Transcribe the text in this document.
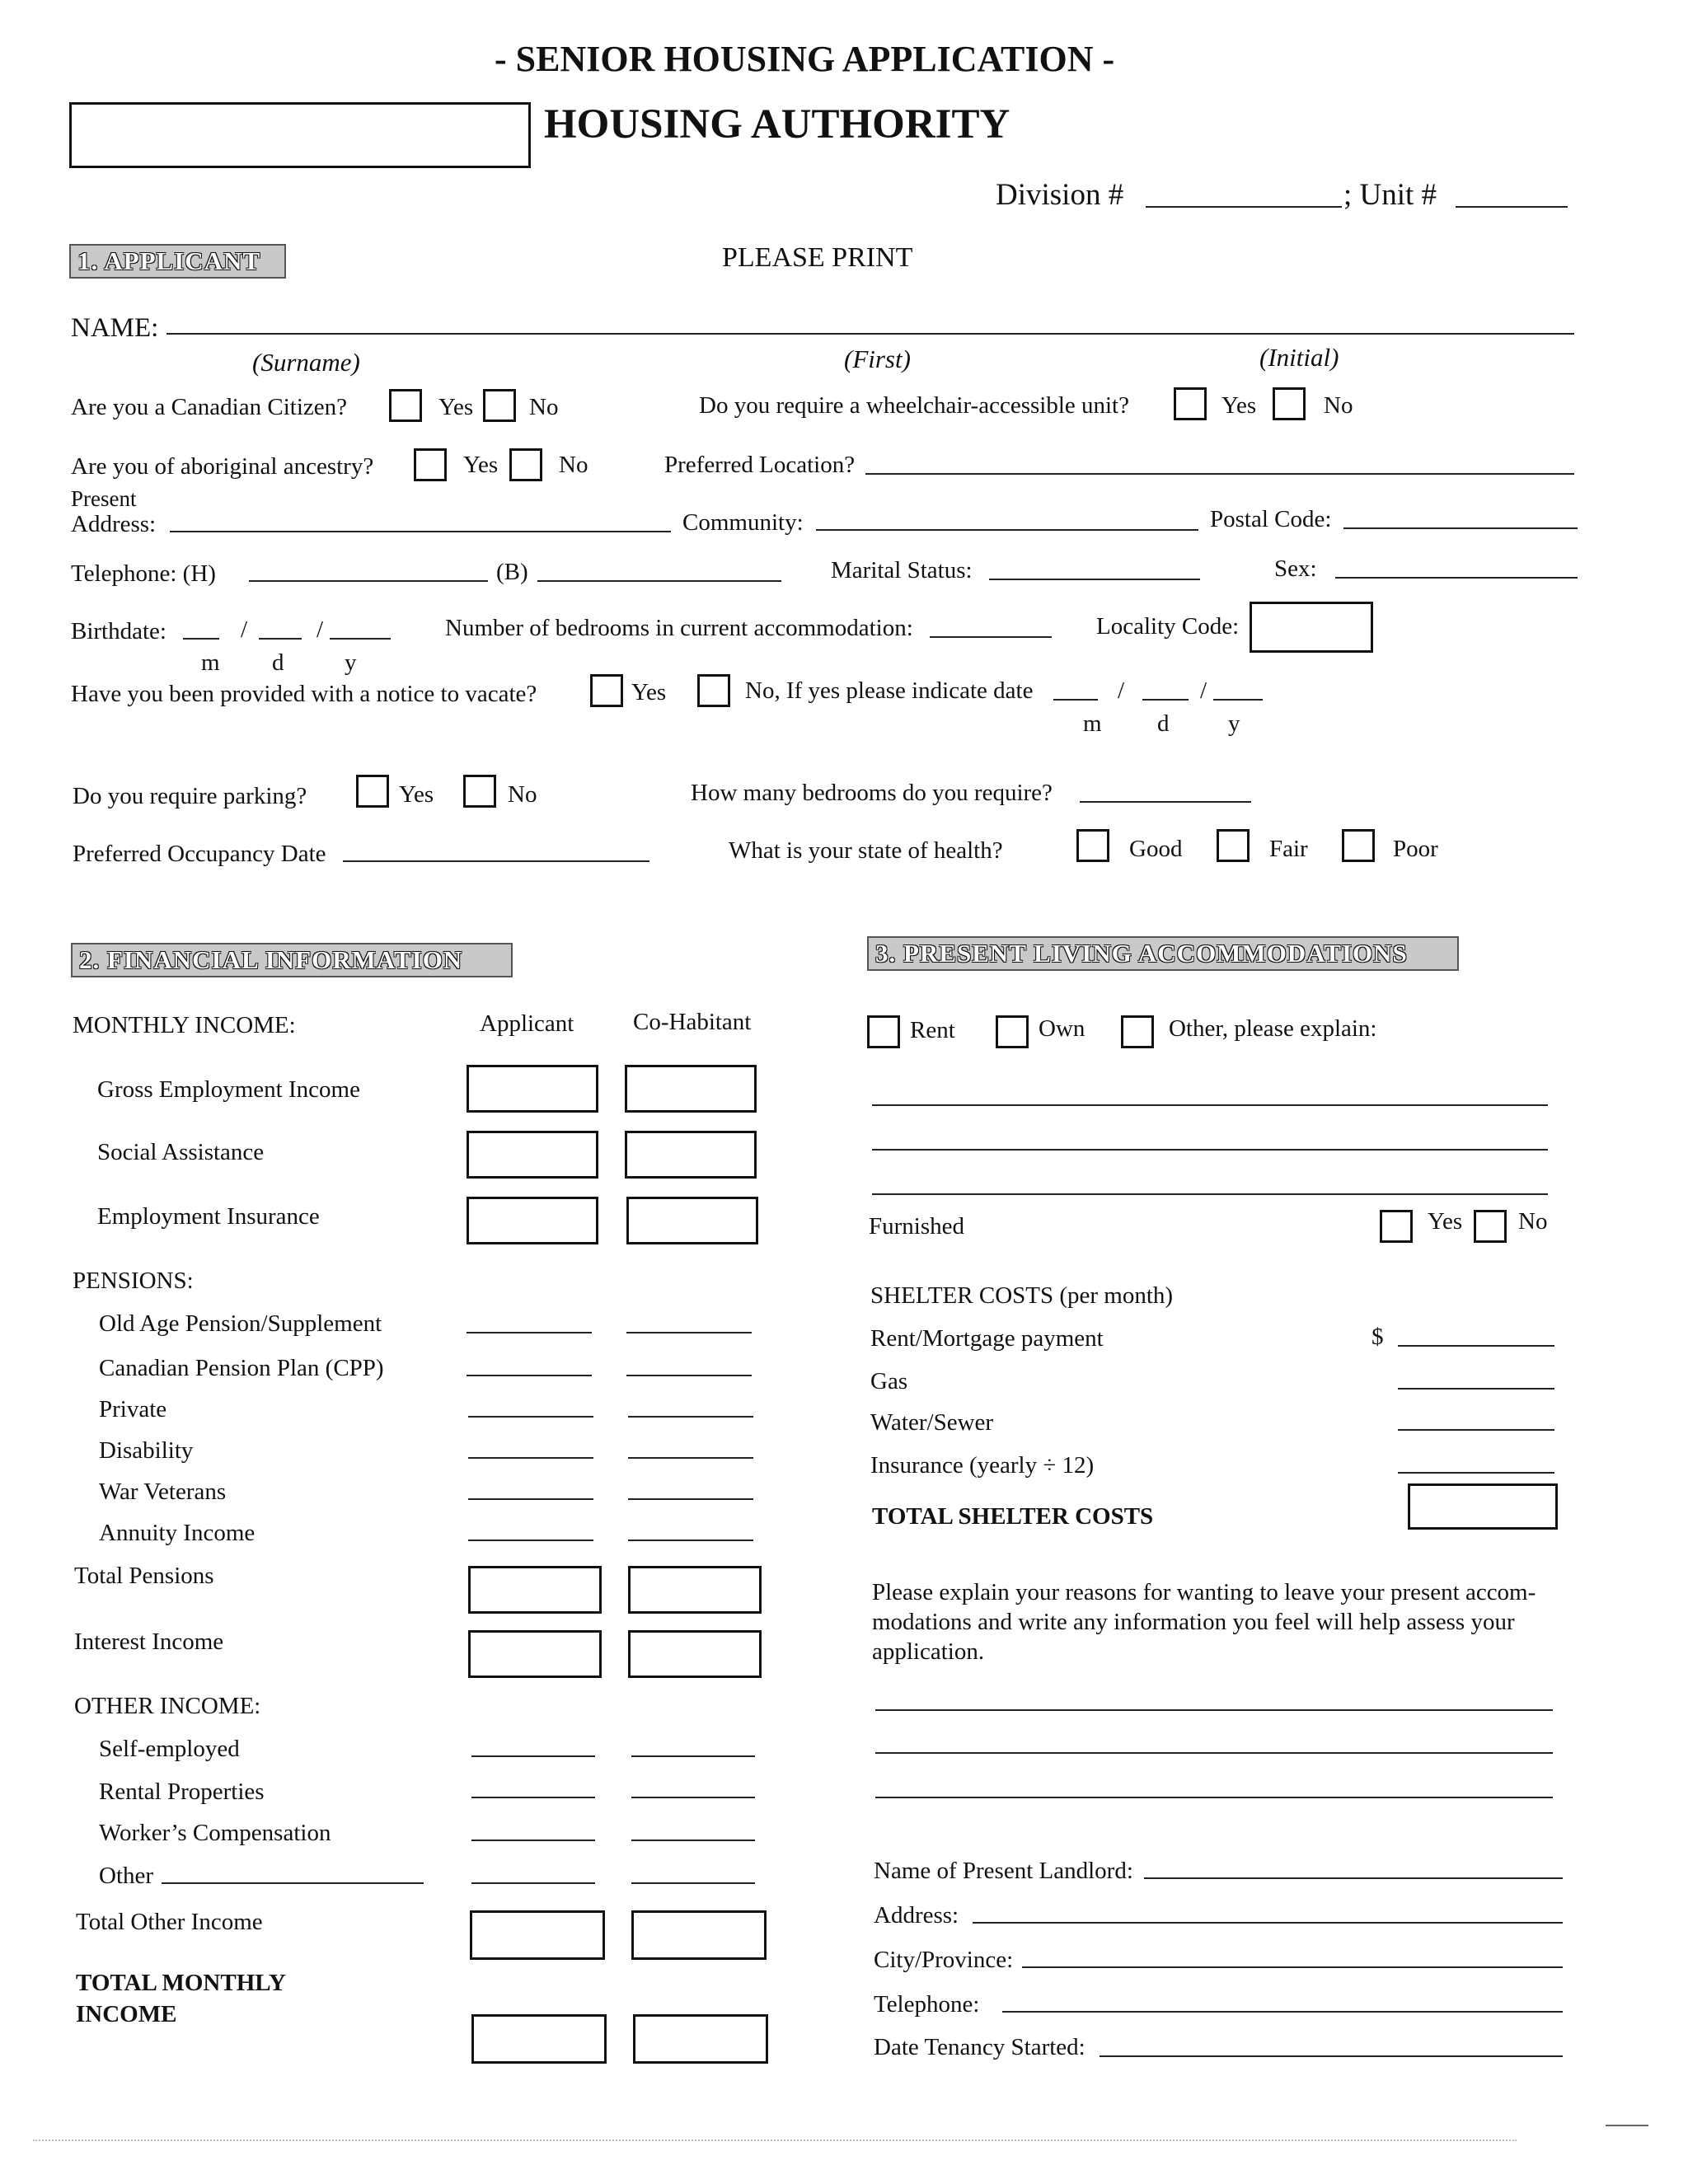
- SENIOR HOUSING APPLICATION -
HOUSING AUTHORITY
Division #	; Unit #
1. APPLICANT	PLEASE PRINT
NAME:
(Surname)	(First)	(Initial)
Are you a Canadian Citizen?	Yes No	Do you require a wheelchair-accessible unit?	Yes	No
Are you of aboriginal ancestry?	Yes	No	Preferred Location?
Present
Address:	Community:	Postal Code:
Telephone: (H)	(B)	Marital Status:	Sex:
Birthdate:	/	/
m d	y
Number of bedrooms in current accommodation:	Locality Code:
Have you been provided with a notice to vacate?	Yes	No, If yes please indicate date	/	/
m d y
Do you require parking?	Yes	No	How many bedrooms do you require?
Preferred Occupancy Date	What is your state of health?	Good	Fair	Poor
2. FINANCIAL INFORMATION
MONTHLY INCOME:	Applicant Co-Habitant
Gross Employment Income
Social Assistance
Employment Insurance
PENSIONS:
Old Age Pension/Supplement
Canadian Pension Plan (CPP)
Private
Disability
War Veterans
Annuity Income
Total Pensions
Interest Income
OTHER INCOME:
Self-employed
Rental Properties
Worker’s Compensation
Other
Total Other Income
TOTAL MONTHLY
INCOME
3. PRESENT LIVING ACCOMMODATIONS
Rent	Own	Other, please explain:
Furnished	Yes No
SHELTER COSTS (per month)
Rent/Mortgage payment	$
Gas
Water/Sewer
Insurance (yearly ÷ 12)
TOTAL SHELTER COSTS
Please explain your reasons for wanting to leave your present accom-
modations and write any information you feel will help assess your
application.
Name of Present Landlord:
Address:
City/Province:
Telephone:
Date Tenancy Started:
